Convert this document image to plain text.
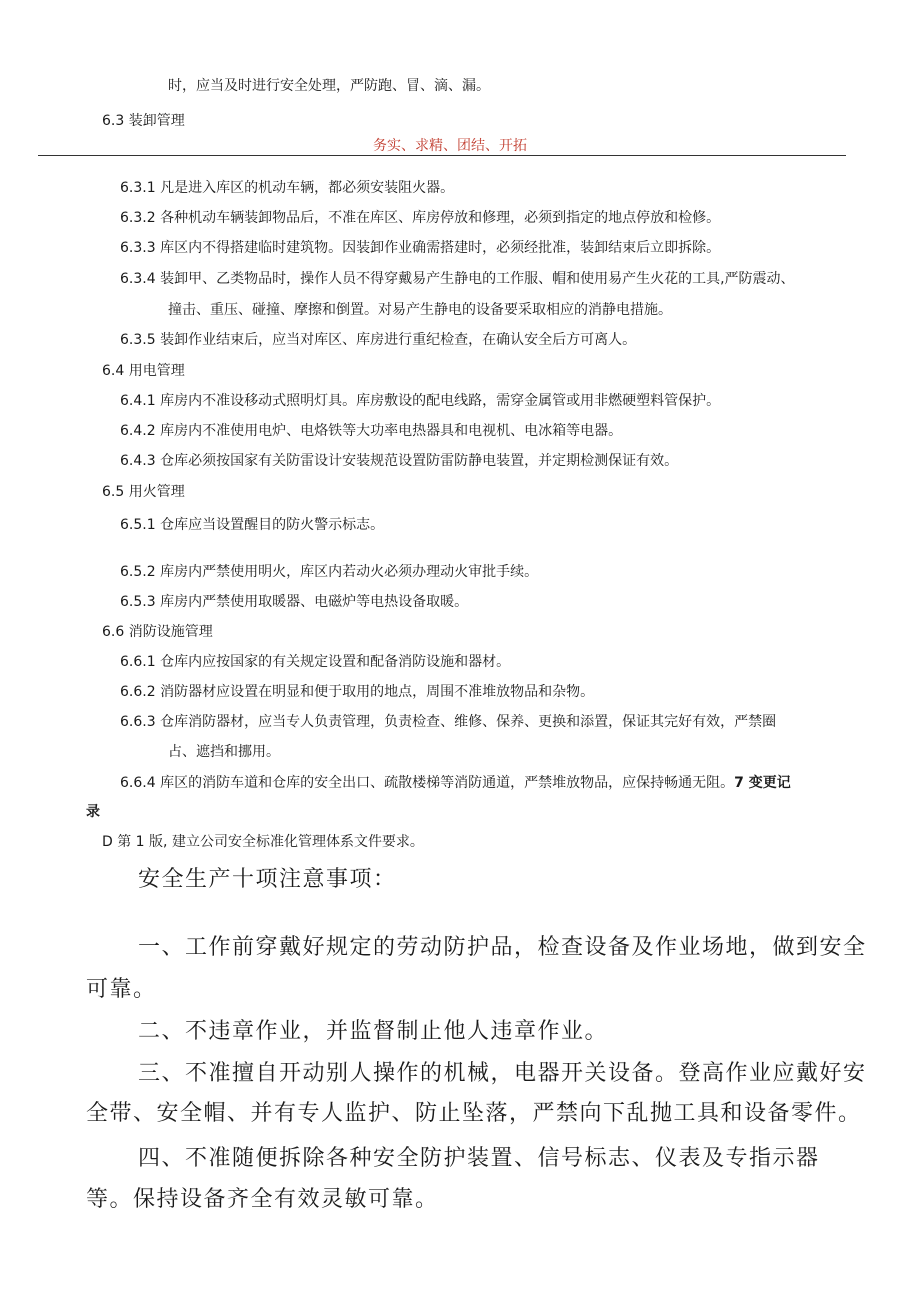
时，应当及时进行安全处理，严防跑、冒、滴、漏。
6.3 装卸管理
务实、求精、团结、开拓
6.3.1 凡是进入库区的机动车辆，都必须安装阻火器。
6.3.2 各种机动车辆装卸物品后，不准在库区、库房停放和修理，必须到指定的地点停放和检修。
6.3.3 库区内不得搭建临时建筑物。因装卸作业确需搭建时，必须经批准，装卸结束后立即拆除。
6.3.4 装卸甲、乙类物品时，操作人员不得穿戴易产生静电的工作服、帽和使用易产生火花的工具,严防震动、
撞击、重压、碰撞、摩擦和倒置。对易产生静电的设备要采取相应的消静电措施。
6.3.5 装卸作业结束后，应当对库区、库房进行重纪检查，在确认安全后方可离人。
6.4 用电管理
6.4.1 库房内不准设移动式照明灯具。库房敷设的配电线路，需穿金属管或用非燃硬塑料管保护。
6.4.2 库房内不准使用电炉、电烙铁等大功率电热器具和电视机、电冰箱等电器。
6.4.3 仓库必须按国家有关防雷设计安装规范设置防雷防静电装置，并定期检测保证有效。
6.5 用火管理
6.5.1 仓库应当设置醒目的防火警示标志。
6.5.2 库房内严禁使用明火，库区内若动火必须办理动火审批手续。
6.5.3 库房内严禁使用取暖器、电磁炉等电热设备取暖。
6.6 消防设施管理
6.6.1 仓库内应按国家的有关规定设置和配备消防设施和器材。
6.6.2 消防器材应设置在明显和便于取用的地点，周围不准堆放物品和杂物。
6.6.3 仓库消防器材，应当专人负责管理，负责检查、维修、保养、更换和添置，保证其完好有效，严禁圈
占、遮挡和挪用。
6.6.4 库区的消防车道和仓库的安全出口、疏散楼梯等消防通道，严禁堆放物品，应保持畅通无阻。7 变更记
录
D 第 1 版, 建立公司安全标准化管理体系文件要求。
安全生产十项注意事项：
一、工作前穿戴好规定的劳动防护品，检查设备及作业场地，做到安全
可靠。
二、不违章作业，并监督制止他人违章作业。
三、不准擅自开动别人操作的机械，电器开关设备。登高作业应戴好安
全带、安全帽、并有专人监护、防止坠落，严禁向下乱抛工具和设备零件。
四、不准随便拆除各种安全防护装置、信号标志、仪表及专指示器
等。保持设备齐全有效灵敏可靠。
